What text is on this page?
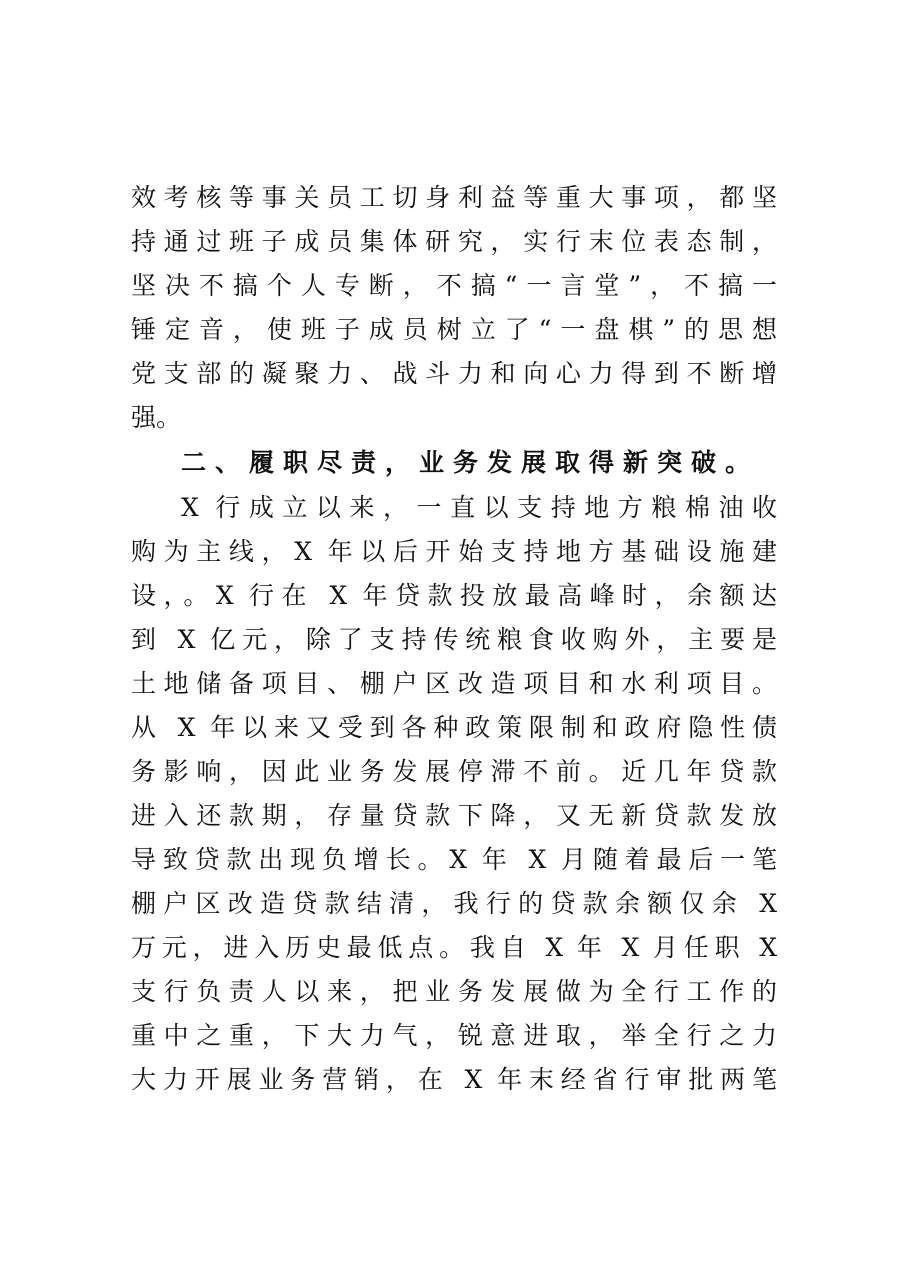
效考核等事关员工切身利益等重大事项，都坚
持通过班子成员集体研究，实行末位表态制，
坚决不搞个人专断，不搞“一言堂”，不搞一
锤定音，使班子成员树立了“一盘棋”的思想
党支部的凝聚力、战斗力和向心力得到不断增
强。
二、履职尽责，业务发展取得新突破。
X 行成立以来，一直以支持地方粮棉油收
购为主线，X 年以后开始支持地方基础设施建
设，。X 行在 X 年贷款投放最高峰时，余额达
到 X 亿元，除了支持传统粮食收购外，主要是
土地储备项目、棚户区改造项目和水利项目。
从 X 年以来又受到各种政策限制和政府隐性债
务影响，因此业务发展停滞不前。近几年贷款
进入还款期，存量贷款下降，又无新贷款发放
导致贷款出现负增长。X 年 X 月随着最后一笔
棚户区改造贷款结清，我行的贷款余额仅余 X
万元，进入历史最低点。我自 X 年 X 月任职 X
支行负责人以来，把业务发展做为全行工作的
重中之重，下大力气，锐意进取，举全行之力
大力开展业务营销，在 X 年末经省行审批两笔
